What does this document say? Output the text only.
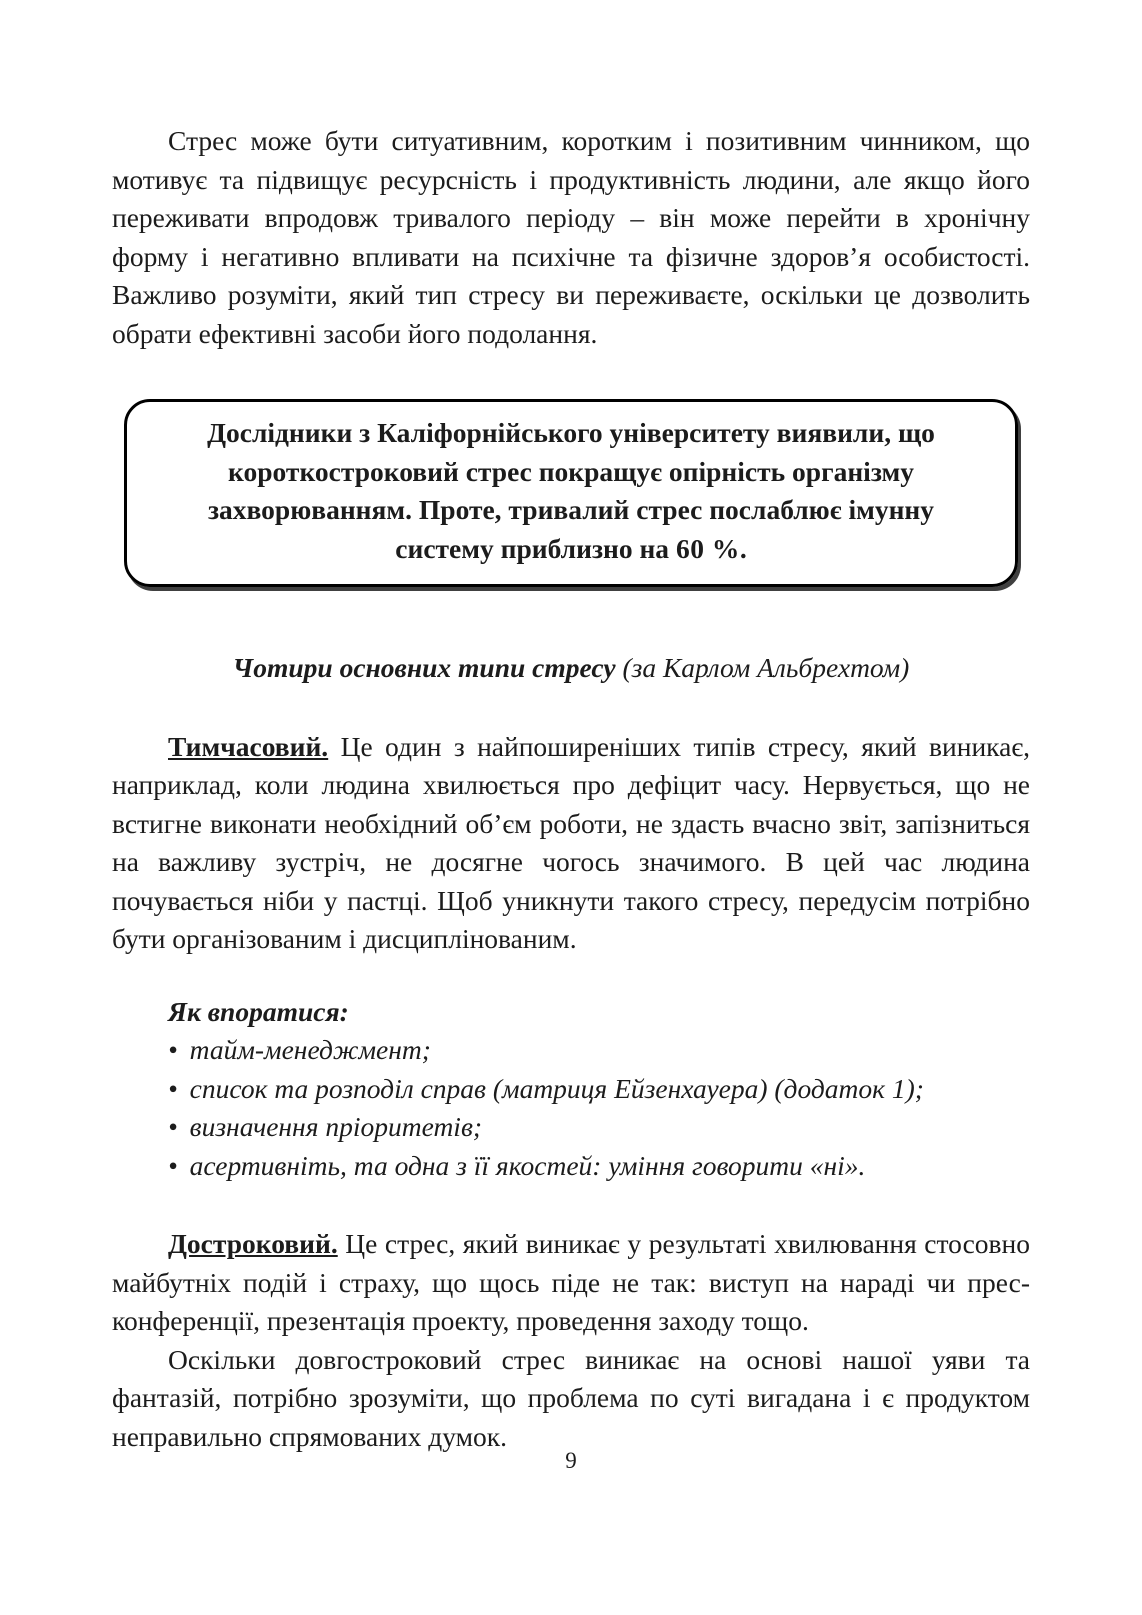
Стрес може бути ситуативним, коротким і позитивним чинником, що мотивує та підвищує ресурсність і продуктивність людини, але якщо його переживати впродовж тривалого періоду – він може перейти в хронічну форму і негативно впливати на психічне та фізичне здоров’я особистості. Важливо розуміти, який тип стресу ви переживаєте, оскільки це дозволить обрати ефективні засоби його подолання.

Дослідники з Каліфорнійського університету виявили, що короткостроковий стрес покращує опірність організму захворюванням. Проте, тривалий стрес послаблює імунну систему приблизно на 60 %.

Чотири основних типи стресу (за Карлом Альбрехтом)

Тимчасовий. Це один з найпоширеніших типів стресу, який виникає, наприклад, коли людина хвилюється про дефіцит часу. Нервується, що не встигне виконати необхідний об’єм роботи, не здасть вчасно звіт, запізниться на важливу зустріч, не досягне чогось значимого. В цей час людина почувається ніби у пастці. Щоб уникнути такого стресу, передусім потрібно бути організованим і дисциплінованим.

Як впоратися:

• тайм-менеджмент;

• список та розподіл справ (матриця Ейзенхауера) (додаток 1);

• визначення пріоритетів;

• асертивніть, та одна з її якостей: уміння говорити «ні».

Достроковий. Це стрес, який виникає у результаті хвилювання стосовно майбутніх подій і страху, що щось піде не так: виступ на нараді чи прес-конференції, презентація проекту, проведення заходу тощо.

Оскільки довгостроковий стрес виникає на основі нашої уяви та фантазій, потрібно зрозуміти, що проблема по суті вигадана і є продуктом неправильно спрямованих думок.

9
